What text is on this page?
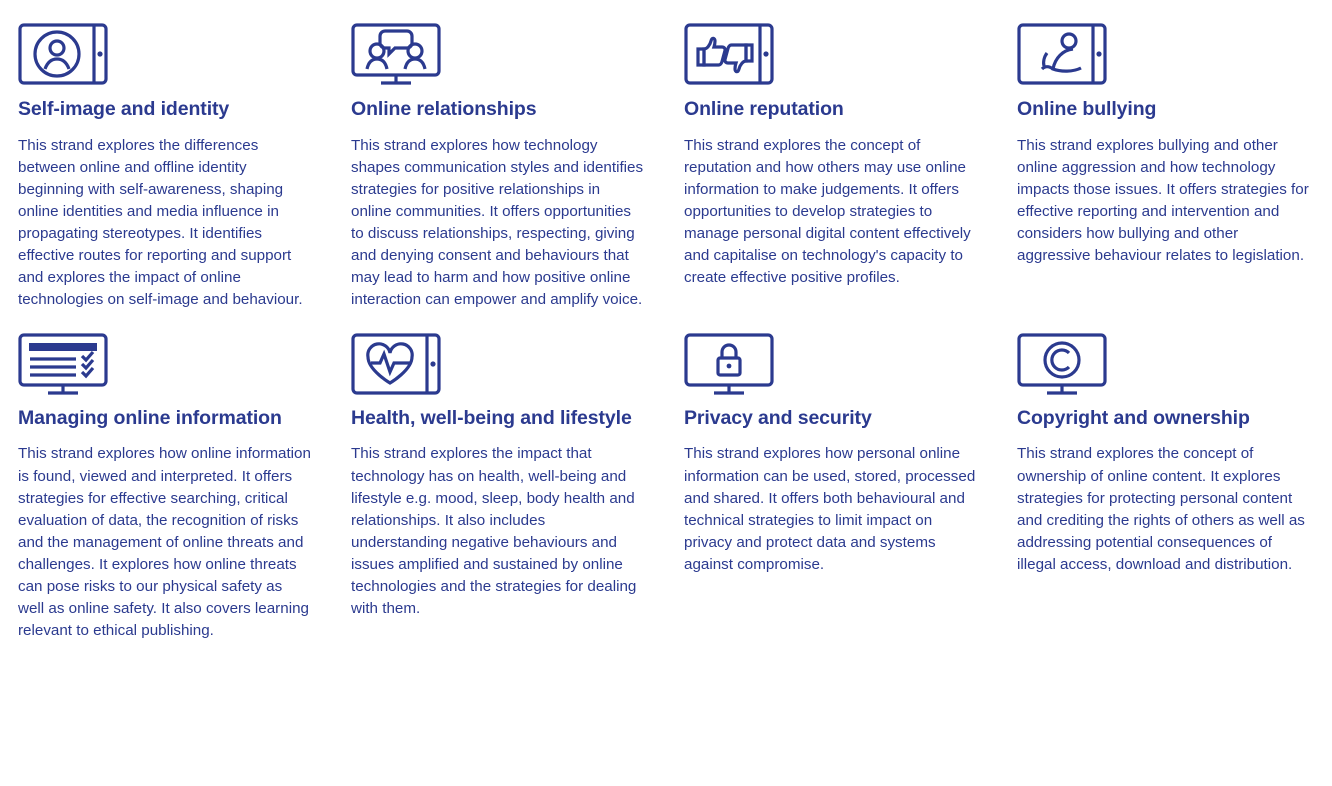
Self-image and identity
This strand explores the differences between online and offline identity beginning with self-awareness, shaping online identities and media influence in propagating stereotypes. It identifies effective routes for reporting and support and explores the impact of online technologies on self-image and behaviour.
Online relationships
This strand explores how technology shapes communication styles and identifies strategies for positive relationships in online communities. It offers opportunities to discuss relationships, respecting, giving and denying consent and behaviours that may lead to harm and how positive online interaction can empower and amplify voice.
Online reputation
This strand explores the concept of reputation and how others may use online information to make judgements. It offers opportunities to develop strategies to manage personal digital content effectively and capitalise on technology's capacity to create effective positive profiles.
Online bullying
This strand explores bullying and other online aggression and how technology impacts those issues. It offers strategies for effective reporting and intervention and considers how bullying and other aggressive behaviour relates to legislation.
Managing online information
This strand explores how online information is found, viewed and interpreted. It offers strategies for effective searching, critical evaluation of data, the recognition of risks and the management of online threats and challenges. It explores how online threats can pose risks to our physical safety as well as online safety. It also covers learning relevant to ethical publishing.
Health, well-being and lifestyle
This strand explores the impact that technology has on health, well-being and lifestyle e.g. mood, sleep, body health and relationships. It also includes understanding negative behaviours and issues amplified and sustained by online technologies and the strategies for dealing with them.
Privacy and security
This strand explores how personal online information can be used, stored, processed and shared. It offers both behavioural and technical strategies to limit impact on privacy and protect data and systems against compromise.
Copyright and ownership
This strand explores the concept of ownership of online content. It explores strategies for protecting personal content and crediting the rights of others as well as addressing potential consequences of illegal access, download and distribution.
